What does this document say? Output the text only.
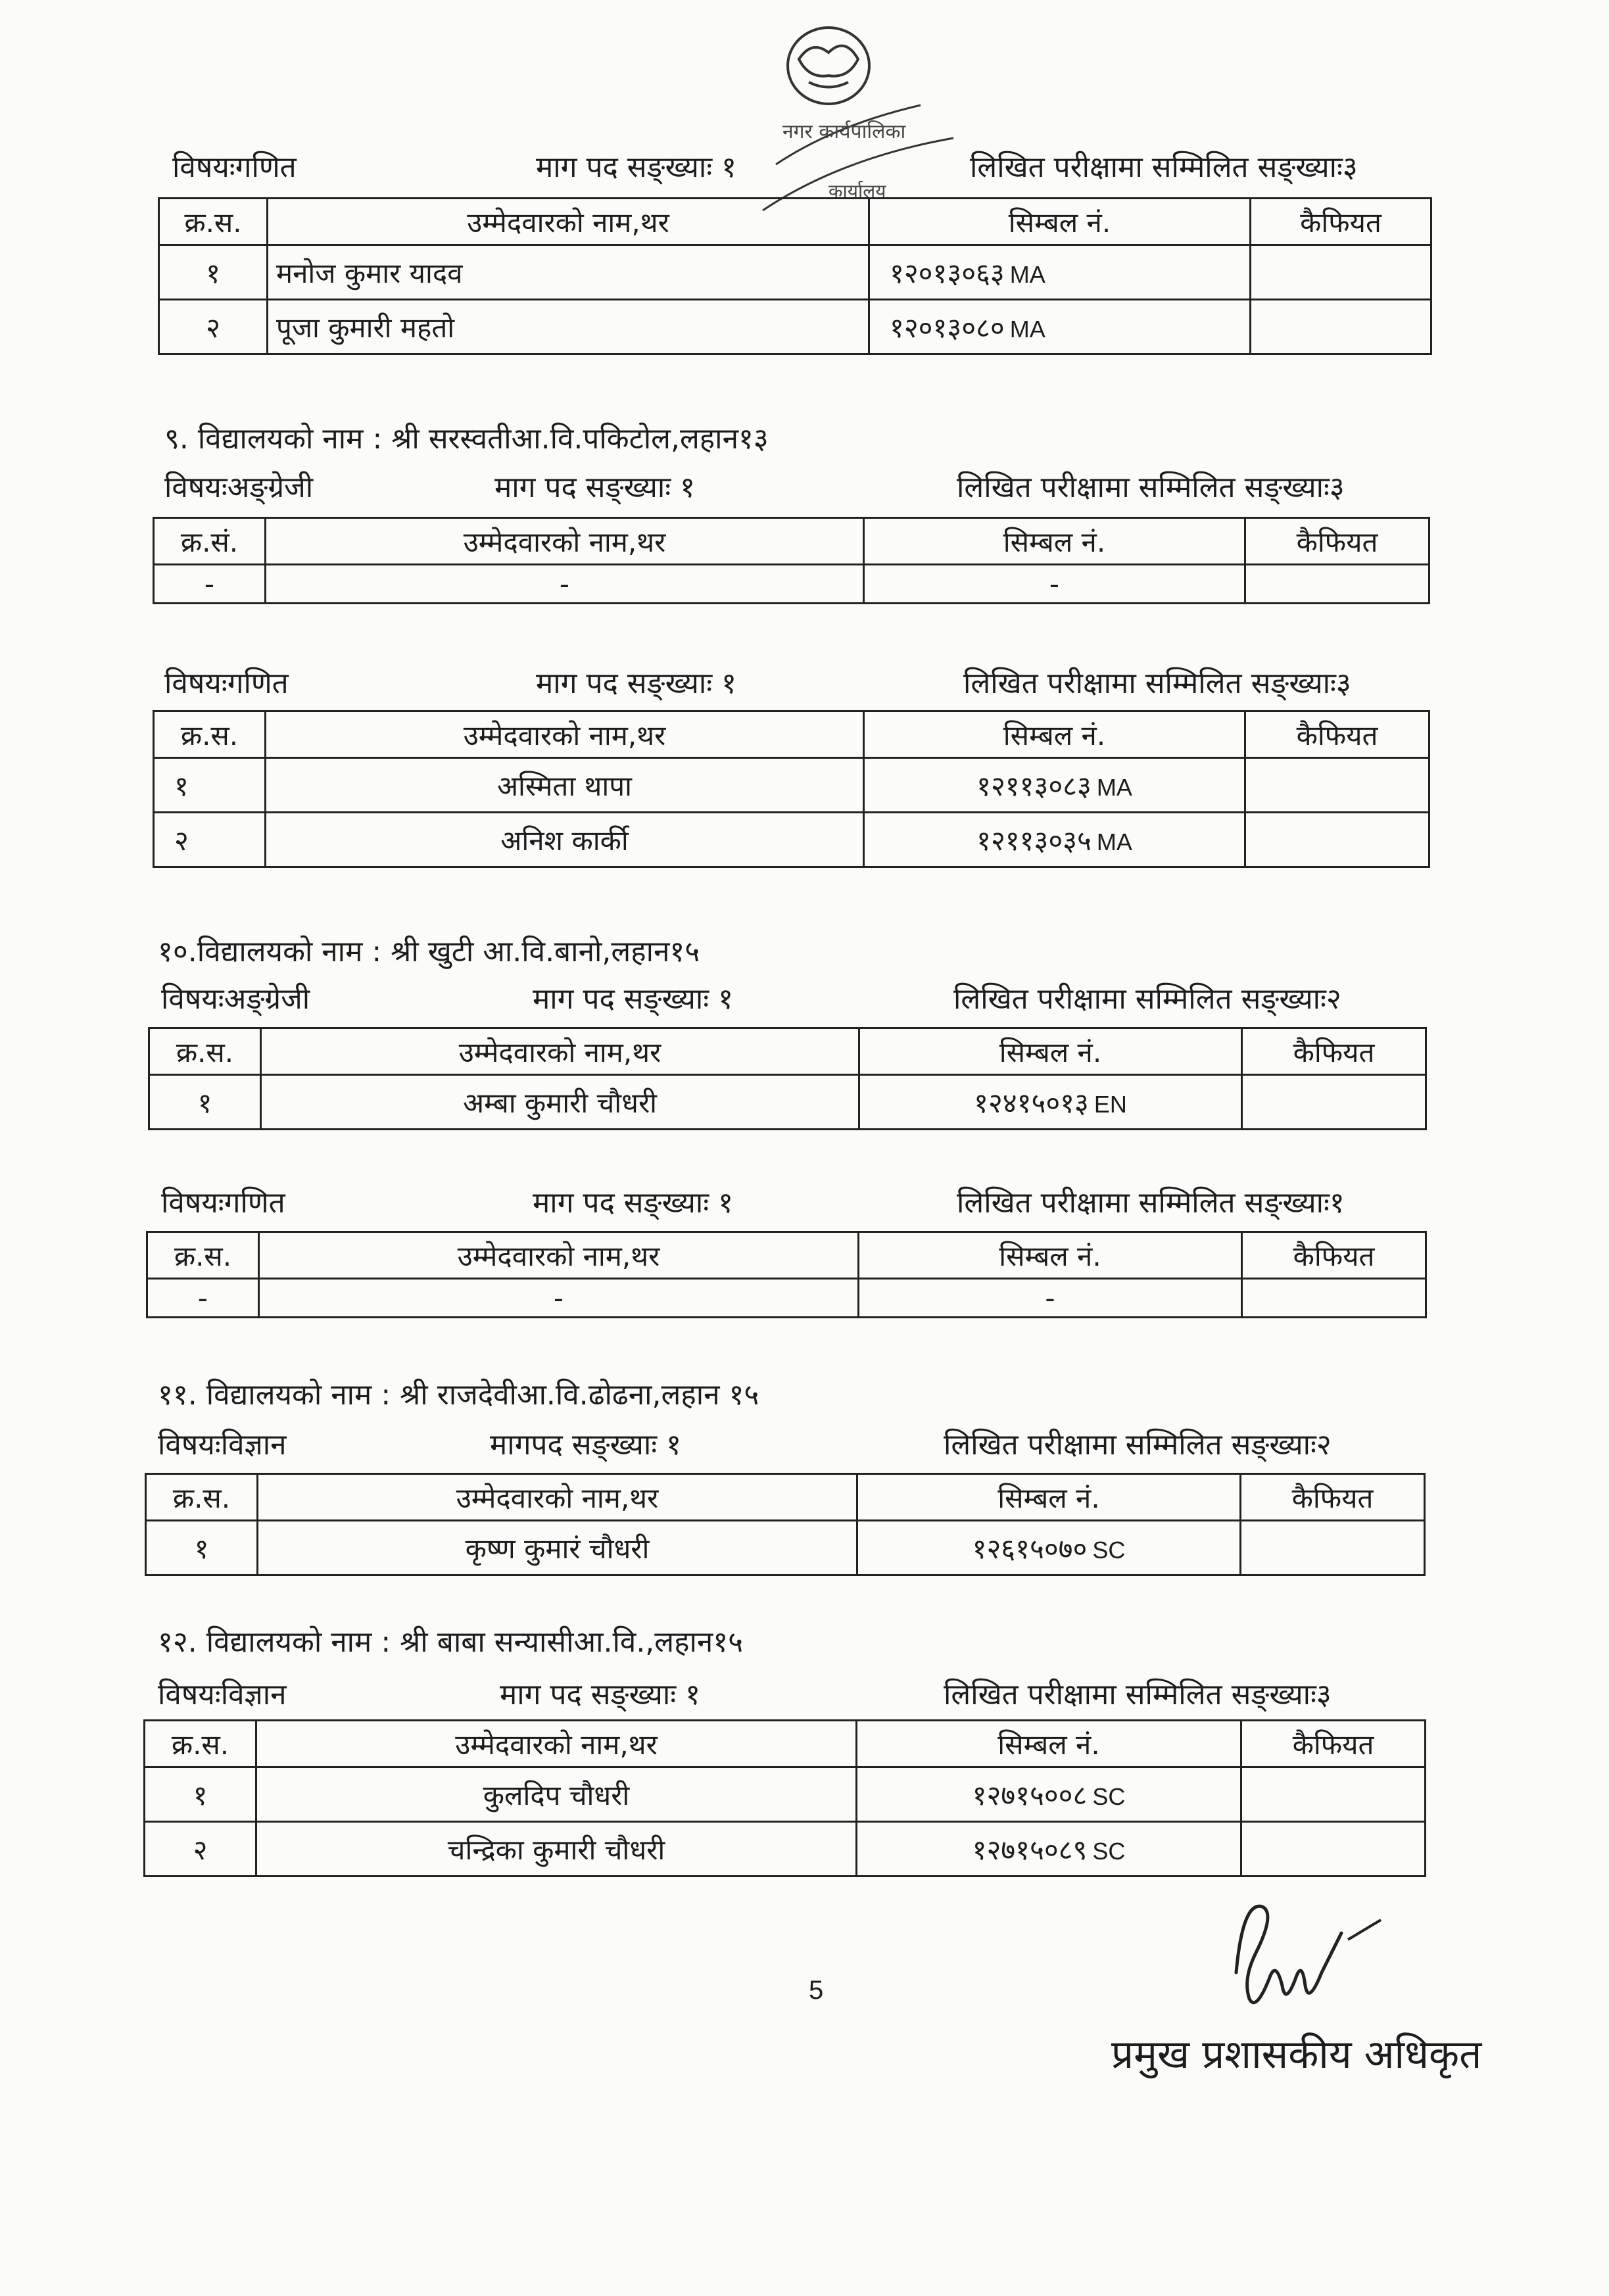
नगर कार्यपालिका
कार्यालय
विषयःगणित	माग पद सङ्ख्याः १	लिखित परीक्षामा सम्मिलित सङ्ख्याः३
क्र.स.	उम्मेदवारको नाम,थर	सिम्बल नं.	कैफियत
१	मनोज कुमार यादव	१२०१३०६३ MA	
२	पूजा कुमारी महतो	१२०१३०८० MA	
९. विद्यालयको नाम : श्री सरस्वतीआ.वि.पकिटोल,लहान१३
विषयःअङ्ग्रेजी	माग पद सङ्ख्याः १	लिखित परीक्षामा सम्मिलित सङ्ख्याः३
क्र.सं.	उम्मेदवारको नाम,थर	सिम्बल नं.	कैफियत
-	-	-	
विषयःगणित	माग पद सङ्ख्याः १	लिखित परीक्षामा सम्मिलित सङ्ख्याः३
क्र.स.	उम्मेदवारको नाम,थर	सिम्बल नं.	कैफियत
१	अस्मिता थापा	१२११३०८३ MA	
२	अनिश कार्की	१२११३०३५ MA	
१०.विद्यालयको नाम : श्री खुटी आ.वि.बानो,लहान१५
विषयःअङ्ग्रेजी	माग पद सङ्ख्याः १	लिखित परीक्षामा सम्मिलित सङ्ख्याः२
क्र.स.	उम्मेदवारको नाम,थर	सिम्बल नं.	कैफियत
१	अम्बा कुमारी चौधरी	१२४१५०१३ EN	
विषयःगणित	माग पद सङ्ख्याः १	लिखित परीक्षामा सम्मिलित सङ्ख्याः१
क्र.स.	उम्मेदवारको नाम,थर	सिम्बल नं.	कैफियत
-	-	-	
११. विद्यालयको नाम : श्री राजदेवीआ.वि.ढोढना,लहान १५
विषयःविज्ञान	मागपद सङ्ख्याः १	लिखित परीक्षामा सम्मिलित सङ्ख्याः२
क्र.स.	उम्मेदवारको नाम,थर	सिम्बल नं.	कैफियत
१	कृष्ण कुमारं चौधरी	१२६१५०७० SC	
१२. विद्यालयको नाम : श्री बाबा सन्यासीआ.वि.,लहान१५
विषयःविज्ञान	माग पद सङ्ख्याः १	लिखित परीक्षामा सम्मिलित सङ्ख्याः३
क्र.स.	उम्मेदवारको नाम,थर	सिम्बल नं.	कैफियत
१	कुलदिप चौधरी	१२७१५००८ SC	
२	चन्द्रिका कुमारी चौधरी	१२७१५०८९ SC	
5
प्रमुख प्रशासकीय अधिकृत
